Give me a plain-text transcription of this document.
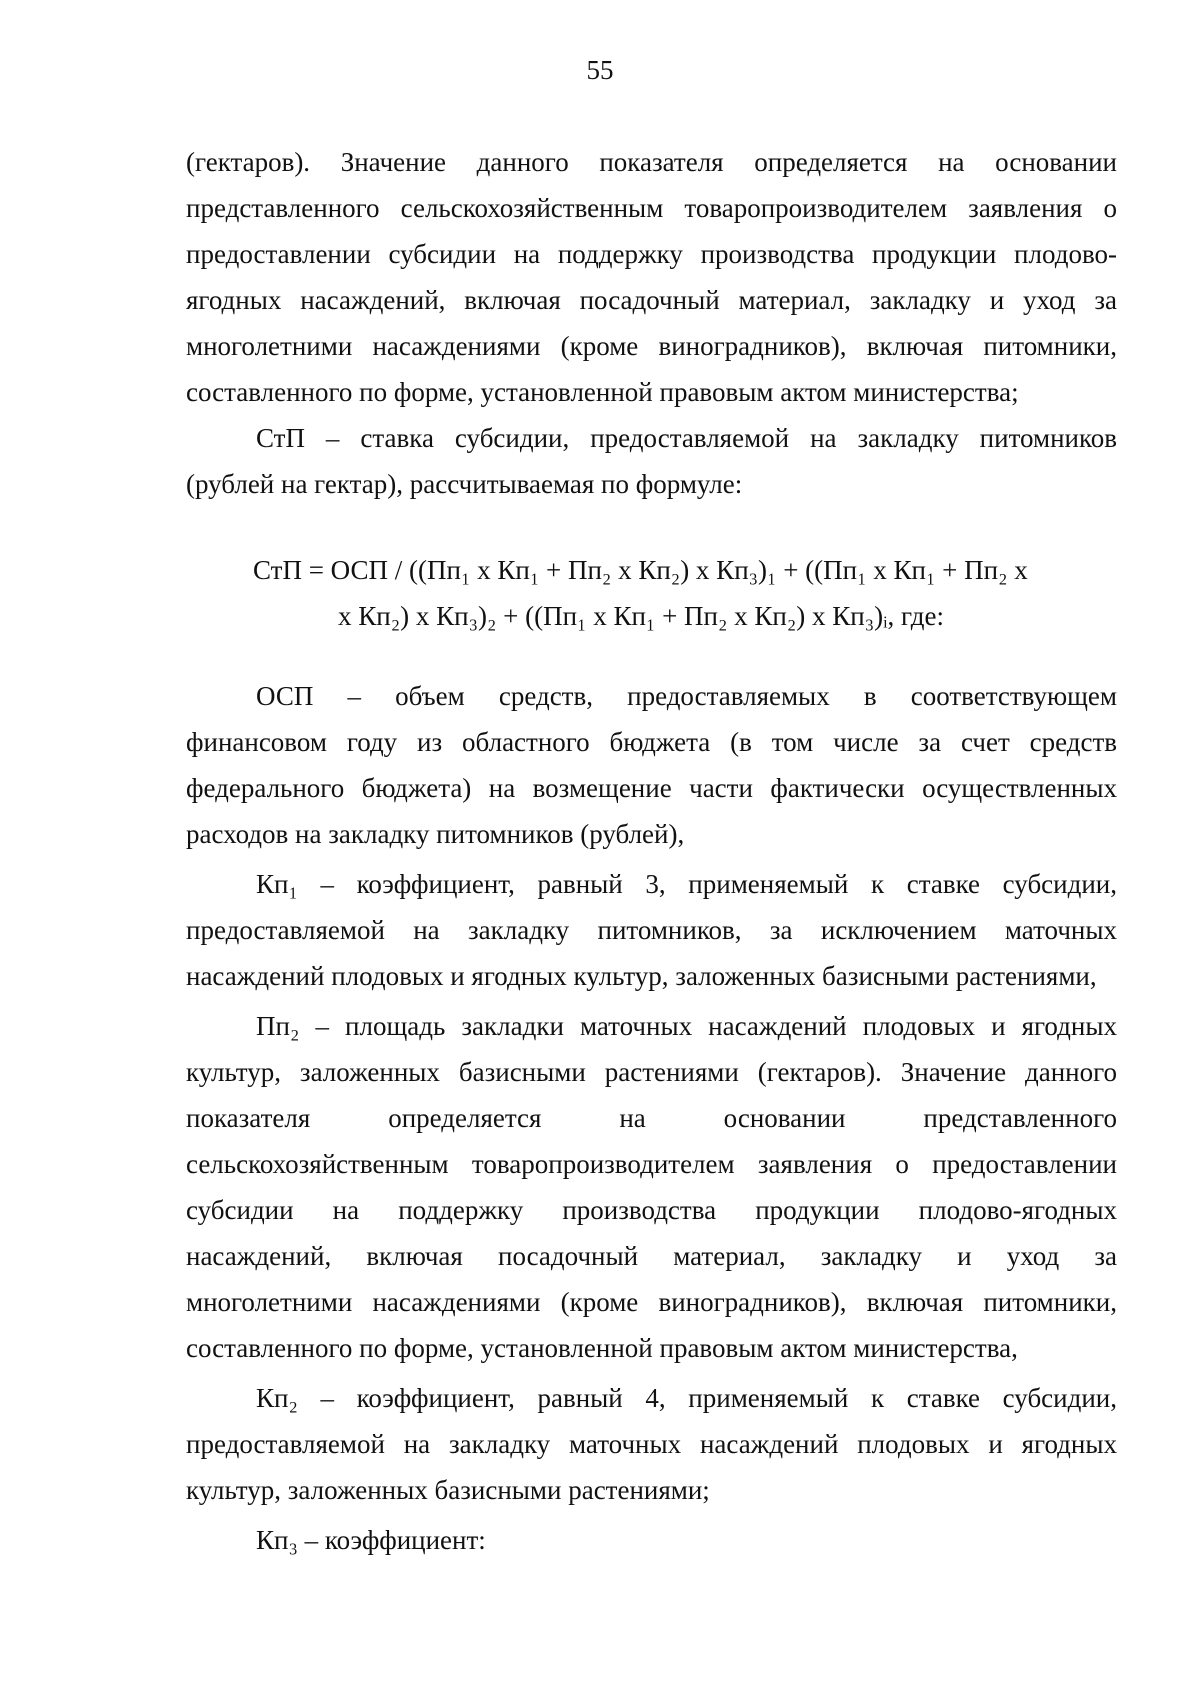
55
(гектаров). Значение данного показателя определяется на основании
представленного сельскохозяйственным товаропроизводителем заявления о
предоставлении субсидии на поддержку производства продукции плодово-
ягодных насаждений, включая посадочный материал, закладку и уход за
многолетними насаждениями (кроме виноградников), включая питомники,
составленного по форме, установленной правовым актом министерства;
СтП – ставка субсидии, предоставляемой на закладку питомников
(рублей на гектар), рассчитываемая по формуле:
СтП = ОСП / ((Пп₁ х Кп₁ + Пп₂ х Кп₂) х Кп₃)₁ + ((Пп₁ х Кп₁ + Пп₂ х
х Кп₂) х Кп₃)₂ + ((Пп₁ х Кп₁ + Пп₂ х Кп₂) х Кп₃)ᵢ, где:
ОСП – объем средств, предоставляемых в соответствующем
финансовом году из областного бюджета (в том числе за счет средств
федерального бюджета) на возмещение части фактически осуществленных
расходов на закладку питомников (рублей),
Кп₁ – коэффициент, равный 3, применяемый к ставке субсидии,
предоставляемой на закладку питомников, за исключением маточных
насаждений плодовых и ягодных культур, заложенных базисными растениями,
Пп₂ – площадь закладки маточных насаждений плодовых и ягодных
культур, заложенных базисными растениями (гектаров). Значение данного
показателя определяется на основании представленного
сельскохозяйственным товаропроизводителем заявления о предоставлении
субсидии на поддержку производства продукции плодово-ягодных
насаждений, включая посадочный материал, закладку и уход за
многолетними насаждениями (кроме виноградников), включая питомники,
составленного по форме, установленной правовым актом министерства,
Кп₂ – коэффициент, равный 4, применяемый к ставке субсидии,
предоставляемой на закладку маточных насаждений плодовых и ягодных
культур, заложенных базисными растениями;
Кп₃ – коэффициент:
